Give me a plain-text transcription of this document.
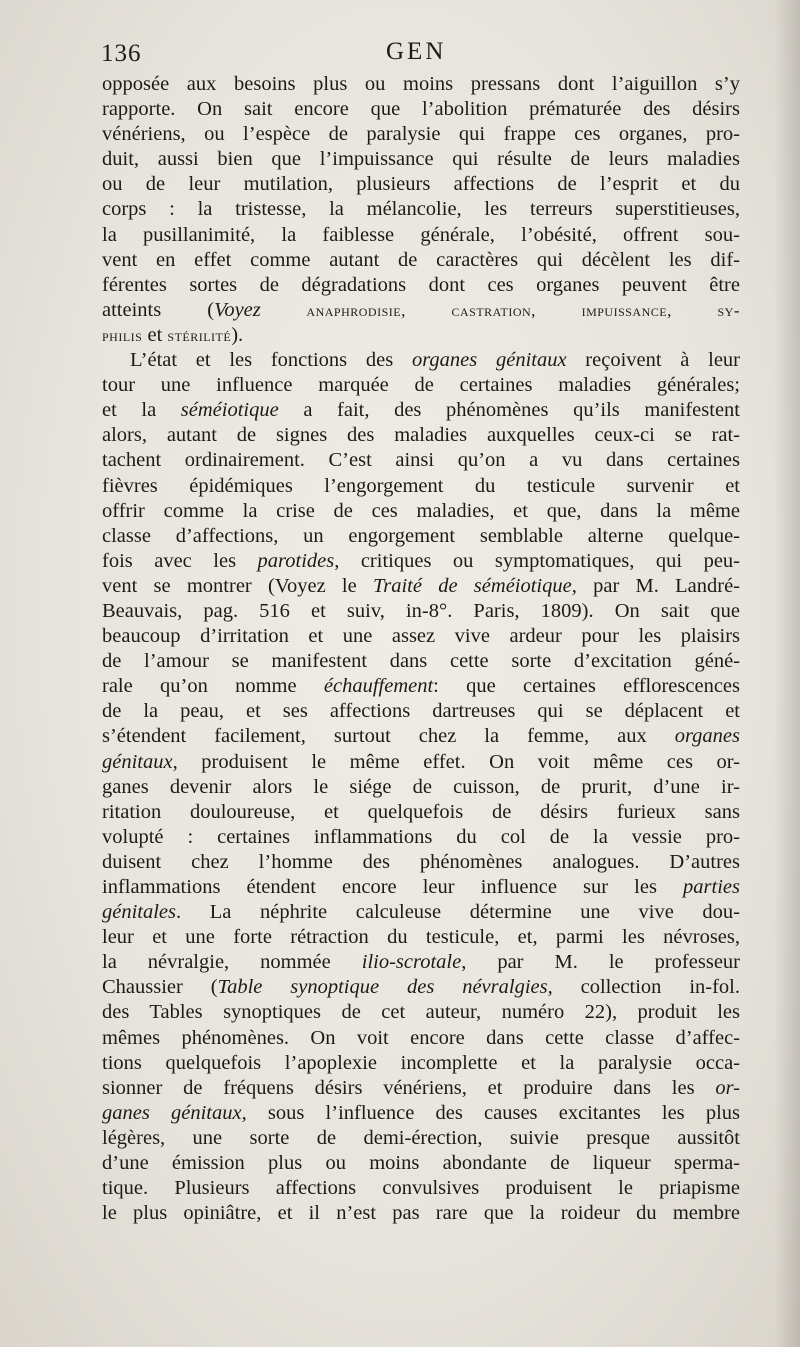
136	GEN
opposée aux besoins plus ou moins pressans dont l’aiguillon s’y
rapporte. On sait encore que l’abolition prématurée des désirs
vénériens, ou l’espèce de paralysie qui frappe ces organes, pro-
duit, aussi bien que l’impuissance qui résulte de leurs maladies
ou de leur mutilation, plusieurs affections de l’esprit et du
corps : la tristesse, la mélancolie, les terreurs superstitieuses,
la pusillanimité, la faiblesse générale, l’obésité, offrent sou-
vent en effet comme autant de caractères qui décèlent les dif-
férentes sortes de dégradations dont ces organes peuvent être
atteints (Voyez anaphrodisie, castration, impuissance, sy-
philis et stérilité).
L’état et les fonctions des organes génitaux reçoivent à leur
tour une influence marquée de certaines maladies générales;
et la séméiotique a fait, des phénomènes qu’ils manifestent
alors, autant de signes des maladies auxquelles ceux-ci se rat-
tachent ordinairement. C’est ainsi qu’on a vu dans certaines
fièvres épidémiques l’engorgement du testicule survenir et
offrir comme la crise de ces maladies, et que, dans la même
classe d’affections, un engorgement semblable alterne quelque-
fois avec les parotides, critiques ou symptomatiques, qui peu-
vent se montrer (Voyez le Traité de séméiotique, par M. Landré-
Beauvais, pag. 516 et suiv, in-8°. Paris, 1809). On sait que
beaucoup d’irritation et une assez vive ardeur pour les plaisirs
de l’amour se manifestent dans cette sorte d’excitation géné-
rale qu’on nomme échauffement: que certaines efflorescences
de la peau, et ses affections dartreuses qui se déplacent et
s’étendent facilement, surtout chez la femme, aux organes
génitaux, produisent le même effet. On voit même ces or-
ganes devenir alors le siége de cuisson, de prurit, d’une ir-
ritation douloureuse, et quelquefois de désirs furieux sans
volupté : certaines inflammations du col de la vessie pro-
duisent chez l’homme des phénomènes analogues. D’autres
inflammations étendent encore leur influence sur les parties
génitales. La néphrite calculeuse détermine une vive dou-
leur et une forte rétraction du testicule, et, parmi les névroses,
la névralgie, nommée ilio-scrotale, par M. le professeur
Chaussier (Table synoptique des névralgies, collection in-fol.
des Tables synoptiques de cet auteur, numéro 22), produit les
mêmes phénomènes. On voit encore dans cette classe d’affec-
tions quelquefois l’apoplexie incomplette et la paralysie occa-
sionner de fréquens désirs vénériens, et produire dans les or-
ganes génitaux, sous l’influence des causes excitantes les plus
légères, une sorte de demi-érection, suivie presque aussitôt
d’une émission plus ou moins abondante de liqueur sperma-
tique. Plusieurs affections convulsives produisent le priapisme
le plus opiniâtre, et il n’est pas rare que la roideur du membre
